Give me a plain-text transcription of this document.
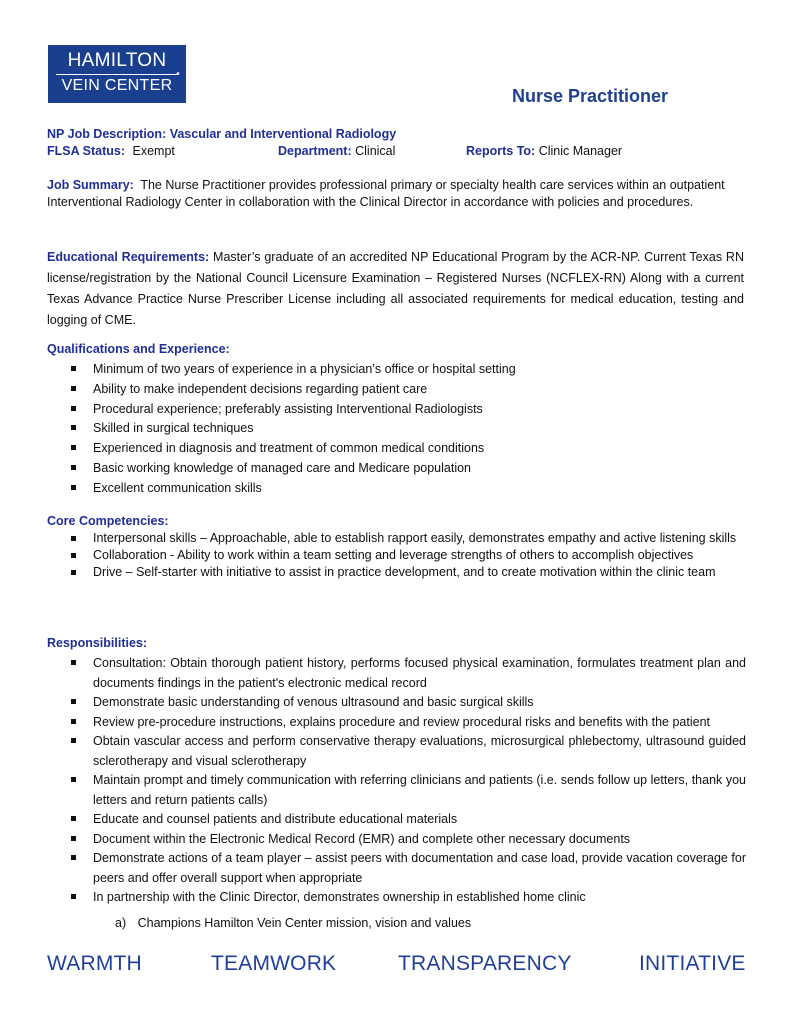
HAMILTON
•
VEIN CENTER
Nurse Practitioner
NP Job Description: Vascular and Interventional Radiology
FLSA Status: Exempt	Department: Clinical	Reports To: Clinic Manager
Job Summary: The Nurse Practitioner provides professional primary or specialty health care services within an outpatient Interventional Radiology Center in collaboration with the Clinical Director in accordance with policies and procedures.
Educational Requirements: Master’s graduate of an accredited NP Educational Program by the ACR-NP. Current Texas RN license/registration by the National Council Licensure Examination – Registered Nurses (NCFLEX-RN) Along with a current Texas Advance Practice Nurse Prescriber License including all associated requirements for medical education, testing and logging of CME.
Qualifications and Experience:
Minimum of two years of experience in a physician’s office or hospital setting
Ability to make independent decisions regarding patient care
Procedural experience; preferably assisting Interventional Radiologists
Skilled in surgical techniques
Experienced in diagnosis and treatment of common medical conditions
Basic working knowledge of managed care and Medicare population
Excellent communication skills
Core Competencies:
Interpersonal skills – Approachable, able to establish rapport easily, demonstrates empathy and active listening skills
Collaboration - Ability to work within a team setting and leverage strengths of others to accomplish objectives
Drive – Self-starter with initiative to assist in practice development, and to create motivation within the clinic team
Responsibilities:
Consultation: Obtain thorough patient history, performs focused physical examination, formulates treatment plan and documents findings in the patient's electronic medical record
Demonstrate basic understanding of venous ultrasound and basic surgical skills
Review pre-procedure instructions, explains procedure and review procedural risks and benefits with the patient
Obtain vascular access and perform conservative therapy evaluations, microsurgical phlebectomy, ultrasound guided sclerotherapy and visual sclerotherapy
Maintain prompt and timely communication with referring clinicians and patients (i.e. sends follow up letters, thank you letters and return patients calls)
Educate and counsel patients and distribute educational materials
Document within the Electronic Medical Record (EMR) and complete other necessary documents
Demonstrate actions of a team player – assist peers with documentation and case load, provide vacation coverage for peers and offer overall support when appropriate
In partnership with the Clinic Director, demonstrates ownership in established home clinic
a) Champions Hamilton Vein Center mission, vision and values
WARMTH	TEAMWORK	TRANSPARENCY	INITIATIVE
